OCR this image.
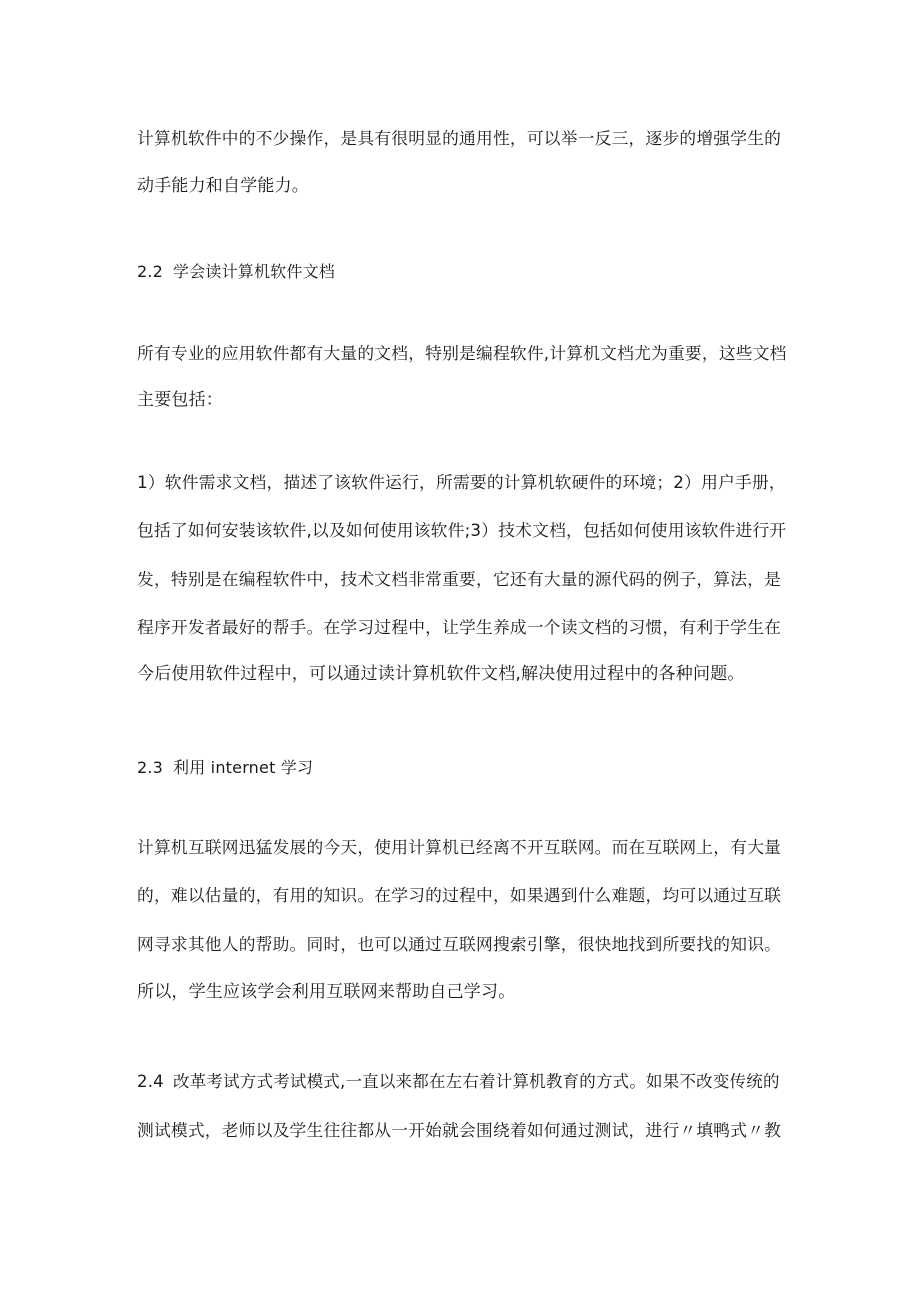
计算机软件中的不少操作，是具有很明显的通用性，可以举一反三，逐步的增强学生的
动手能力和自学能力。
2.2 学会读计算机软件文档
所有专业的应用软件都有大量的文档，特别是编程软件,计算机文档尤为重要，这些文档
主要包括：
1）软件需求文档，描述了该软件运行，所需要的计算机软硬件的环境；2）用户手册，
包括了如何安装该软件,以及如何使用该软件;3）技术文档，包括如何使用该软件进行开
发，特别是在编程软件中，技术文档非常重要，它还有大量的源代码的例子，算法，是
程序开发者最好的帮手。在学习过程中，让学生养成一个读文档的习惯，有利于学生在
今后使用软件过程中，可以通过读计算机软件文档,解决使用过程中的各种问题。
2.3 利用 internet 学习
计算机互联网迅猛发展的今天，使用计算机已经离不开互联网。而在互联网上，有大量
的，难以估量的，有用的知识。在学习的过程中，如果遇到什么难题，均可以通过互联
网寻求其他人的帮助。同时，也可以通过互联网搜索引擎，很快地找到所要找的知识。
所以，学生应该学会利用互联网来帮助自己学习。
2.4 改革考试方式考试模式,一直以来都在左右着计算机教育的方式。如果不改变传统的
测试模式，老师以及学生往往都从一开始就会围绕着如何通过测试，进行〃填鸭式〃教
